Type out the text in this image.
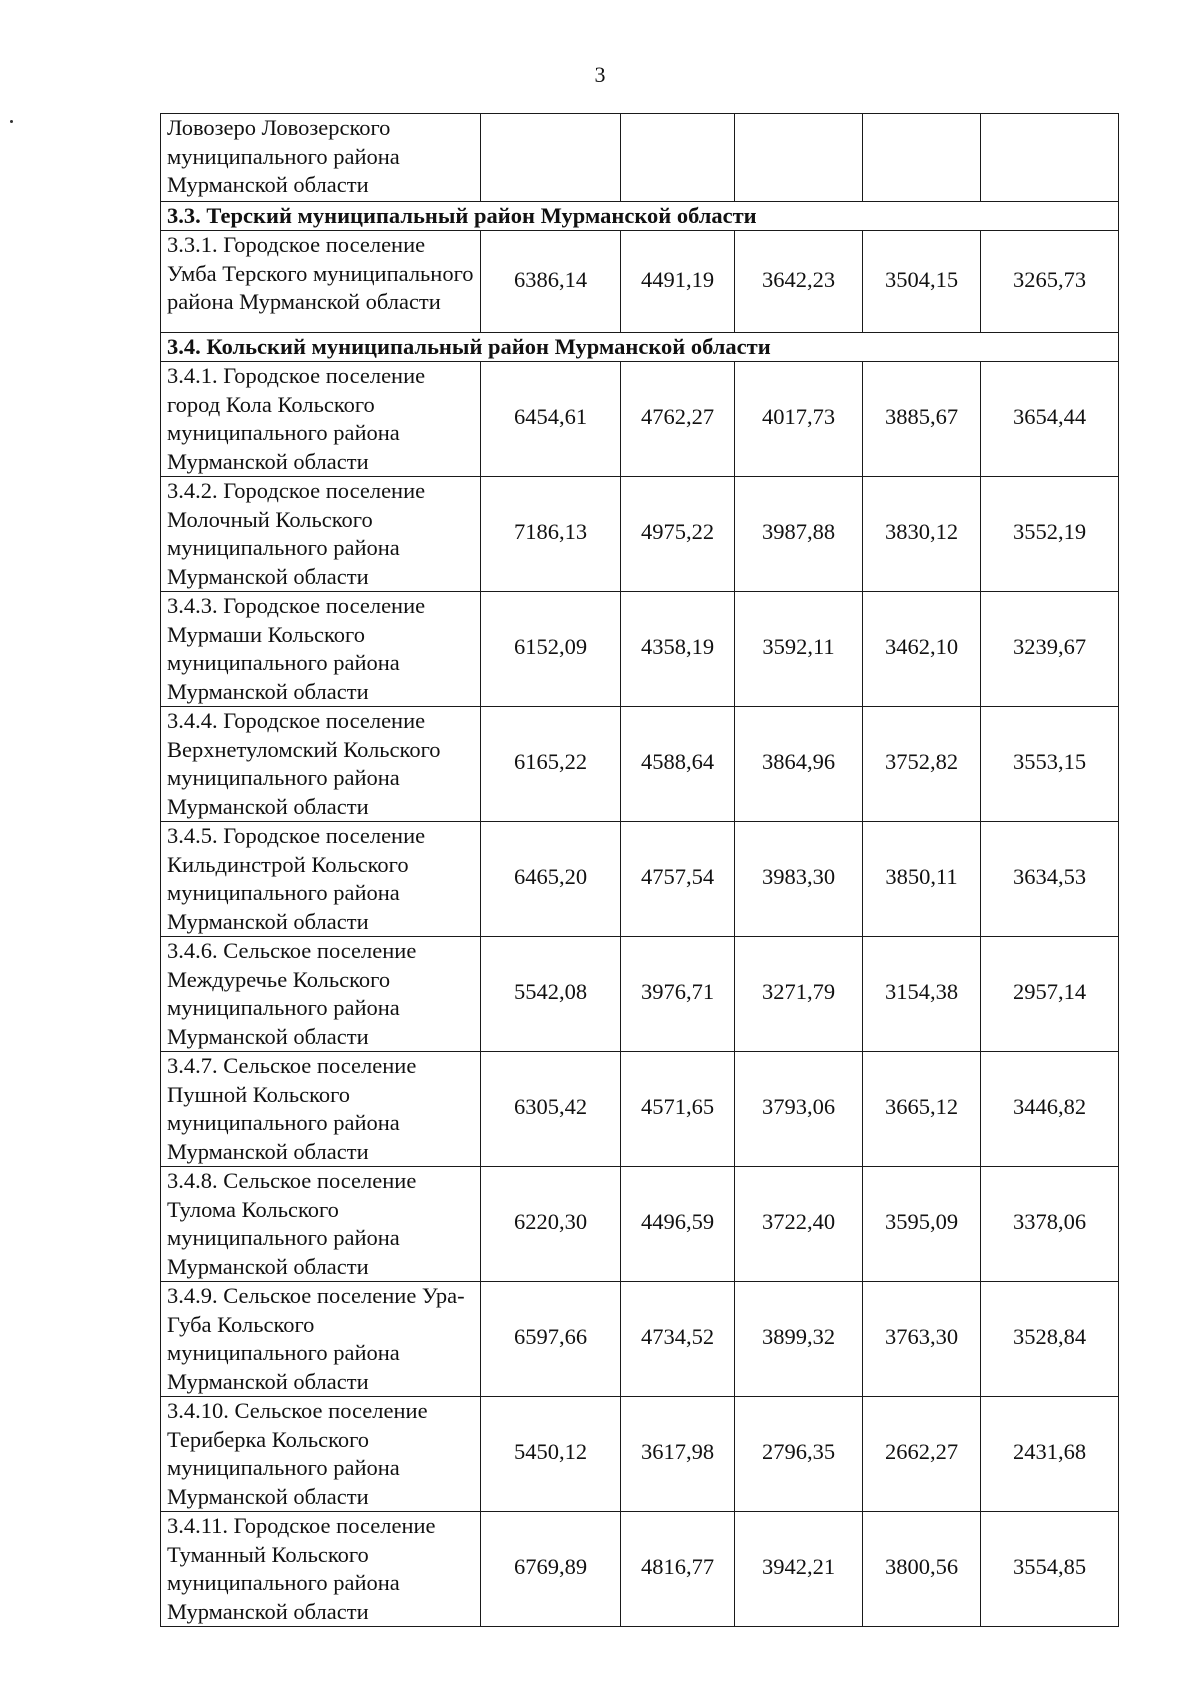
3
Ловозеро Ловозерского муниципального района Мурманской области					
3.3. Терский муниципальный район Мурманской области					
3.3.1. Городское поселение Умба Терского муниципального района Мурманской области	6386,14	4491,19	3642,23	3504,15	3265,73
3.4. Кольский муниципальный район Мурманской области					
3.4.1. Городское поселение город Кола Кольского муниципального района Мурманской области	6454,61	4762,27	4017,73	3885,67	3654,44
3.4.2. Городское поселение Молочный Кольского муниципального района Мурманской области	7186,13	4975,22	3987,88	3830,12	3552,19
3.4.3. Городское поселение Мурмаши Кольского муниципального района Мурманской области	6152,09	4358,19	3592,11	3462,10	3239,67
3.4.4. Городское поселение Верхнетуломский Кольского муниципального района Мурманской области	6165,22	4588,64	3864,96	3752,82	3553,15
3.4.5. Городское поселение Кильдинстрой Кольского муниципального района Мурманской области	6465,20	4757,54	3983,30	3850,11	3634,53
3.4.6. Сельское поселение Междуречье Кольского муниципального района Мурманской области	5542,08	3976,71	3271,79	3154,38	2957,14
3.4.7. Сельское поселение Пушной Кольского муниципального района Мурманской области	6305,42	4571,65	3793,06	3665,12	3446,82
3.4.8. Сельское поселение Тулома Кольского муниципального района Мурманской области	6220,30	4496,59	3722,40	3595,09	3378,06
3.4.9. Сельское поселение Ура-Губа Кольского муниципального района Мурманской области	6597,66	4734,52	3899,32	3763,30	3528,84
3.4.10. Сельское поселение Териберка Кольского муниципального района Мурманской области	5450,12	3617,98	2796,35	2662,27	2431,68
3.4.11. Городское поселение Туманный Кольского муниципального района Мурманской области	6769,89	4816,77	3942,21	3800,56	3554,85
